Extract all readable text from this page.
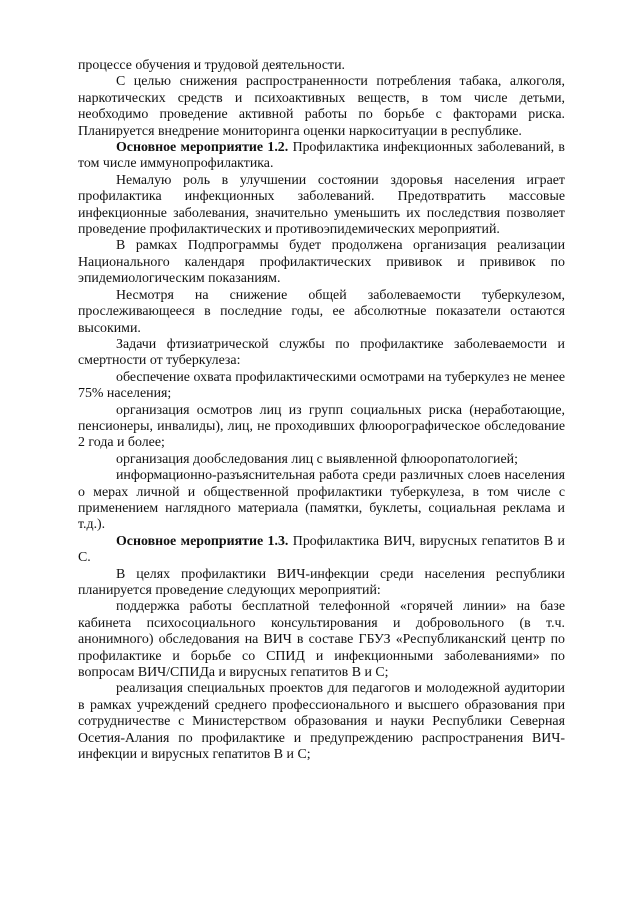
процессе обучения и трудовой деятельности.

С целью снижения распространенности потребления табака, алкоголя, наркотических средств и психоактивных веществ, в том числе детьми, необходимо проведение активной работы по борьбе с факторами риска. Планируется внедрение мониторинга оценки наркоситуации в республике.

Основное мероприятие 1.2. Профилактика инфекционных заболеваний, в том числе иммунопрофилактика.

Немалую роль в улучшении состоянии здоровья населения играет профилактика инфекционных заболеваний. Предотвратить массовые инфекционные заболевания, значительно уменьшить их последствия позволяет проведение профилактических и противоэпидемических мероприятий.

В рамках Подпрограммы будет продолжена организация реализации Национального календаря профилактических прививок и прививок по эпидемиологическим показаниям.

Несмотря на снижение общей заболеваемости туберкулезом, прослеживающееся в последние годы, ее абсолютные показатели остаются высокими.

Задачи фтизиатрической службы по профилактике заболеваемости и смертности от туберкулеза:

обеспечение охвата профилактическими осмотрами на туберкулез не менее 75% населения;

организация осмотров лиц из групп социальных риска (неработающие, пенсионеры, инвалиды), лиц, не проходивших флюорографическое обследование 2 года и более;

организация дообследования лиц с выявленной флюоропатологией;

информационно-разъяснительная работа среди различных слоев населения о мерах личной и общественной профилактики туберкулеза, в том числе с применением наглядного материала (памятки, буклеты, социальная реклама и т.д.).

Основное мероприятие 1.3. Профилактика ВИЧ, вирусных гепатитов В и С.

В целях профилактики ВИЧ-инфекции среди населения республики планируется проведение следующих мероприятий:

поддержка работы бесплатной телефонной «горячей линии» на базе кабинета психосоциального консультирования и добровольного (в т.ч. анонимного) обследования на ВИЧ в составе ГБУЗ «Республиканский центр по профилактике и борьбе со СПИД и инфекционными заболеваниями» по вопросам ВИЧ/СПИДа и вирусных гепатитов В и С;

реализация специальных проектов для педагогов и молодежной аудитории в рамках учреждений среднего профессионального и высшего образования при сотрудничестве с Министерством образования и науки Республики Северная Осетия-Алания по профилактике и предупреждению распространения ВИЧ-инфекции и вирусных гепатитов В и С;
